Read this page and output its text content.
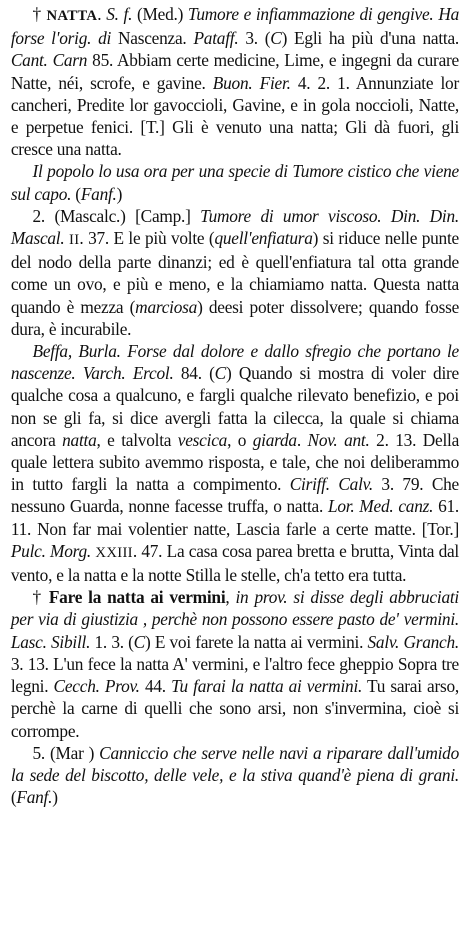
† NATTA. S. f. (Med.) Tumore e infiammazione di gengive. Ha forse l'orig. di Nascenza. Pataff. 3. (C) Egli ha più d'una natta. Cant. Carn 85. Abbiam certe medicine, Lime, e ingegni da curare Natte, néi, scrofe, e gavine. Buon. Fier. 4. 2. 1. Annunziate lor cancheri, Predite lor gavoccioli, Gavine, e in gola noccioli, Natte, e perpetue fenici. [T.] Gli è venuto una natta; Gli dà fuori, gli cresce una natta.

Il popolo lo usa ora per una specie di Tumore cistico che viene sul capo. (Fanf.)

2. (Mascalc.) [Camp.] Tumore di umor viscoso. Din. Din. Mascal. II. 37. E le più volte (quell'enfiatura) si riduce nelle punte del nodo della parte dinanzi; ed è quell'enfiatura tal otta grande come un ovo, e più e meno, e la chiamiamo natta. Questa natta quando è mezza (marciosa) deesi poter dissolvere; quando fosse dura, è incurabile.

Beffa, Burla. Forse dal dolore e dallo sfregio che portano le nascenze. Varch. Ercol. 84. (C) Quando si mostra di voler dire qualche cosa a qualcuno, e fargli qualche rilevato benefizio, e poi non se gli fa, si dice avergli fatta la cilecca, la quale si chiama ancora natta, e talvolta vescica, o giarda. Nov. ant. 2. 13. Della quale lettera subito avemmo risposta, e tale, che noi deliberammo in tutto fargli la natta a compimento. Ciriff. Calv. 3. 79. Che nessuno Guarda, nonne facesse truffa, o natta. Lor. Med. canz. 61. 11. Non far mai volentier natte, Lascia farle a certe matte. [Tor.] Pulc. Morg. XXIII. 47. La casa cosa parea bretta e brutta, Vinta dal vento, e la natta e la notte Stilla le stelle, ch'a tetto era tutta.

† Fare la natta ai vermini, in prov. si disse degli abbruciati per via di giustizia , perchè non possono essere pasto de' vermini. Lasc. Sibill. 1. 3. (C) E voi farete la natta ai vermini. Salv. Granch. 3. 13. L'un fece la natta A' vermini, e l'altro fece gheppio Sopra tre legni. Cecch. Prov. 44. Tu farai la natta ai vermini. Tu sarai arso, perchè la carne di quelli che sono arsi, non s'invermina, cioè si corrompe.

5. (Mar ) Canniccio che serve nelle navi a riparare dall'umido la sede del biscotto, delle vele, e la stiva quand'è piena di grani. (Fanf.)
